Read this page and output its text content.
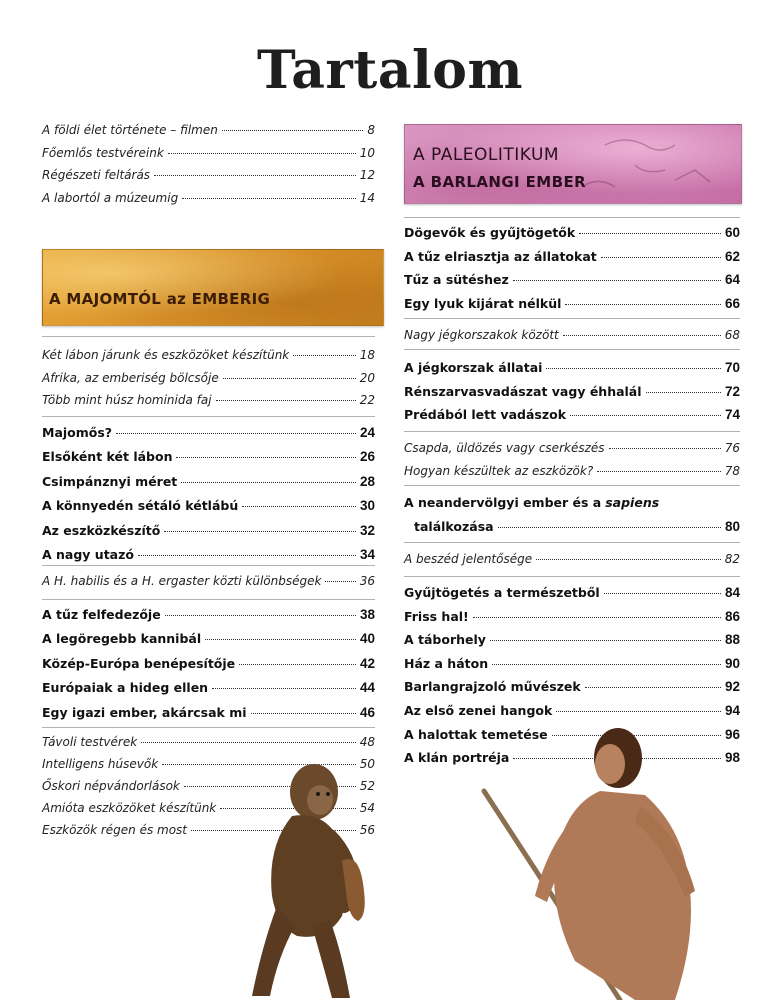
Tartalom
A földi élet története – filmen	8
Főemlős testvéreink	10
Régészeti feltárás	12
A labortól a múzeumig	14
Két lábon járunk és eszközöket készítünk	18
Afrika, az emberiség bölcsője	20
Több mint húsz hominida faj	22
Majomős?	24
Elsőként két lábon	26
Csimpánznyi méret	28
A könnyedén sétáló kétlábú	30
Az eszközkészítő	32
A nagy utazó	34
A H. habilis és a H. ergaster közti különbségek	36
A tűz felfedezője	38
A legöregebb kannibál	40
Közép-Európa benépesítője	42
Európaiak a hideg ellen	44
Egy igazi ember, akárcsak mi	46
Távoli testvérek	48
Intelligens húsevők	50
Őskori népvándorlások	52
Amióta eszközöket készítünk	54
Eszközök régen és most	56
A MAJOMTÓL az EMBERIG
A PALEOLITIKUM
A BARLANGI EMBER
Dögevők és gyűjtögetők	60
A tűz elriasztja az állatokat	62
Tűz a sütéshez	64
Egy lyuk kijárat nélkül	66
Nagy jégkorszakok között	68
A jégkorszak állatai	70
Rénszarvasvadászat vagy éhhalál	72
Prédából lett vadászok	74
Csapda, üldözés vagy cserkészés	76
Hogyan készültek az eszközök?	78
A beszéd jelentősége	82
Gyűjtögetés a természetből	84
Friss hal!	86
A táborhely	88
Ház a háton	90
Barlangrajzoló művészek	92
Az első zenei hangok	94
A halottak temetése	96
A klán portréja	98
A neandervölgyi ember és a sapiens
találkozása	80
